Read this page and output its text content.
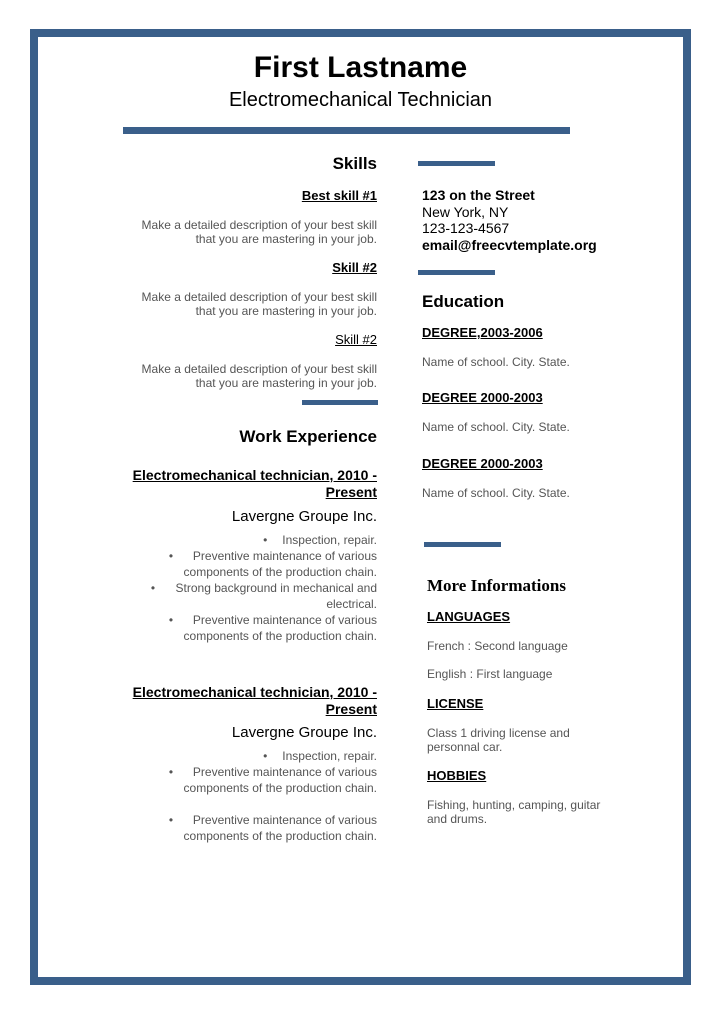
First Lastname
Electromechanical Technician
Skills
Best skill #1
Make a detailed description of your best skill that you are mastering in your job.
Skill #2
Make a detailed description of your best skill that you are mastering in your job.
Skill #2
Make a detailed description of your best skill that you are mastering in your job.
Work Experience
Electromechanical technician, 2010 - Present
Lavergne Groupe Inc.
• Inspection, repair.
•	Preventive maintenance of various components of the production chain.
•	Strong background in mechanical and electrical.
•	Preventive maintenance of various components of the production chain.
Electromechanical technician, 2010 - Present
Lavergne Groupe Inc.
• Inspection, repair.
•	Preventive maintenance of various components of the production chain.
•	Preventive maintenance of various components of the production chain.
123 on the Street
New York, NY
123-123-4567
email@freecvtemplate.org
Education
DEGREE,2003-2006
Name of school. City. State.
DEGREE 2000-2003
Name of school. City. State.
DEGREE 2000-2003
Name of school. City. State.
More Informations
LANGUAGES
French : Second language
English : First language
LICENSE
Class 1 driving license and personnal car.
HOBBIES
Fishing, hunting, camping, guitar and drums.
